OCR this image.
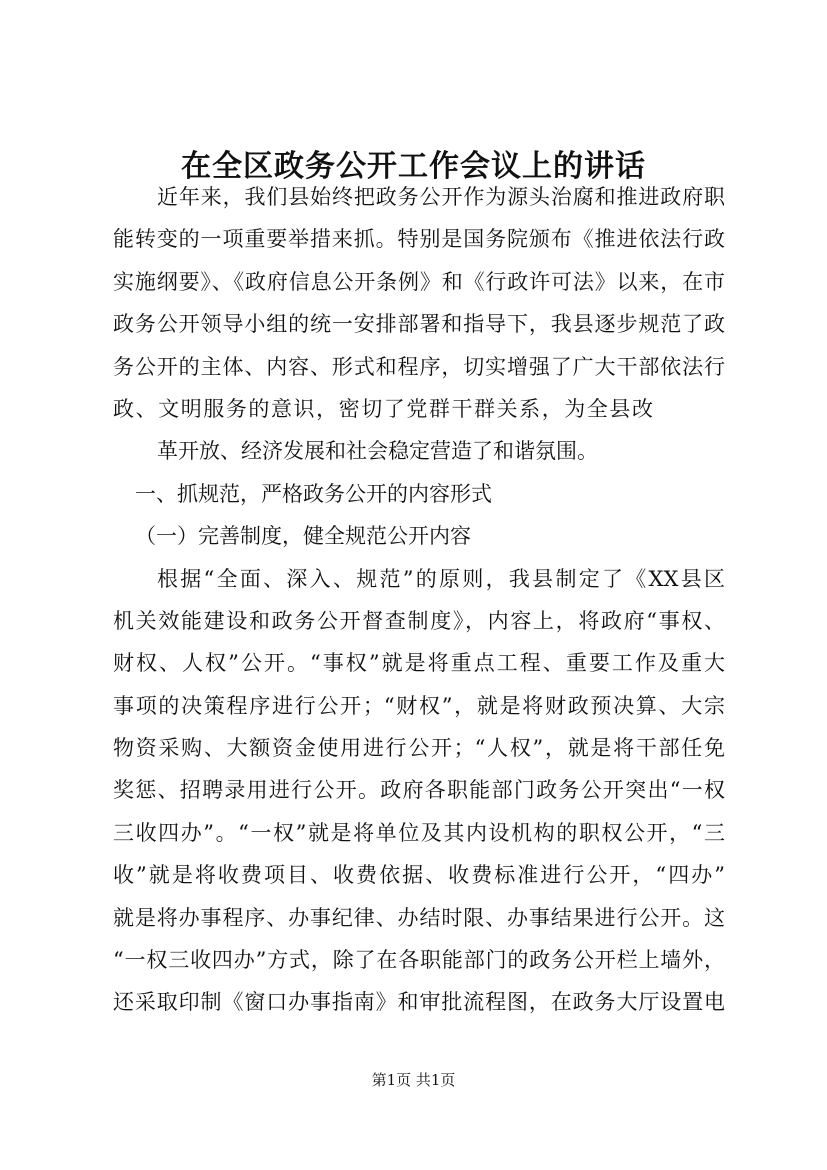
在全区政务公开工作会议上的讲话
近年来，我们县始终把政务公开作为源头治腐和推进政府职
能转变的一项重要举措来抓。特别是国务院颁布《推进依法行政
实施纲要》、《政府信息公开条例》和《行政许可法》以来，在市
政务公开领导小组的统一安排部署和指导下，我县逐步规范了政
务公开的主体、内容、形式和程序，切实增强了广大干部依法行
政、文明服务的意识，密切了党群干群关系，为全县改
革开放、经济发展和社会稳定营造了和谐氛围。
一、抓规范，严格政务公开的内容形式
（一）完善制度，健全规范公开内容
根据“全面、深入、规范”的原则，我县制定了《XX县区
机关效能建设和政务公开督查制度》，内容上，将政府“事权、
财权、人权”公开。“事权”就是将重点工程、重要工作及重大
事项的决策程序进行公开；“财权”，就是将财政预决算、大宗
物资采购、大额资金使用进行公开；“人权”，就是将干部任免
奖惩、招聘录用进行公开。政府各职能部门政务公开突出“一权
三收四办”。“一权”就是将单位及其内设机构的职权公开，“三
收”就是将收费项目、收费依据、收费标准进行公开，“四办”
就是将办事程序、办事纪律、办结时限、办事结果进行公开。这
“一权三收四办”方式，除了在各职能部门的政务公开栏上墙外，
还采取印制《窗口办事指南》和审批流程图，在政务大厅设置电
第1页 共1页
